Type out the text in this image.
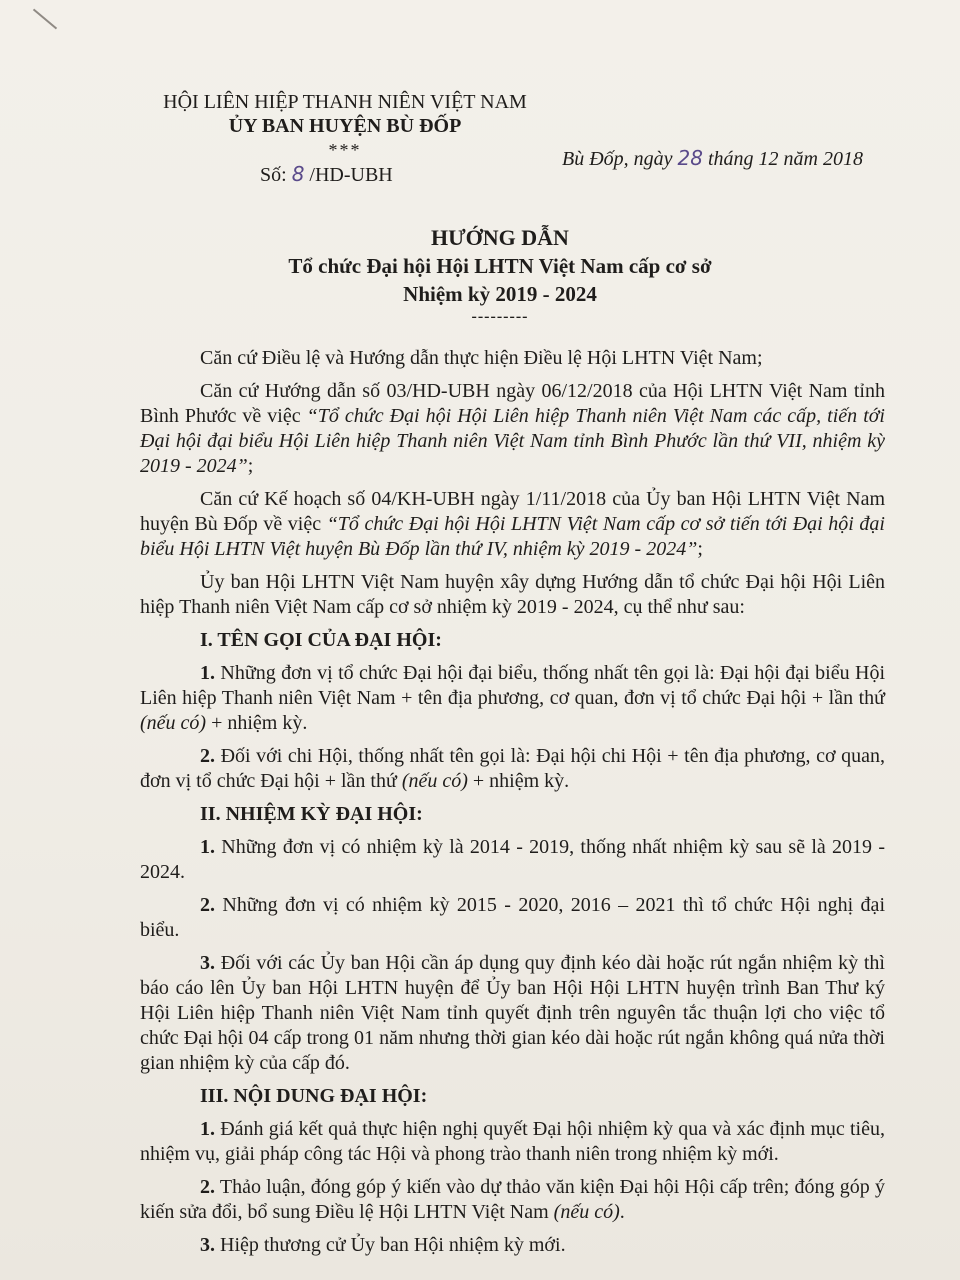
HỘI LIÊN HIỆP THANH NIÊN VIỆT NAM
ỦY BAN HUYỆN BÙ ĐỐP
***
Số: 8 /HD-UBH
Bù Đốp, ngày 28 tháng 12 năm 2018
HƯỚNG DẪN
Tổ chức Đại hội Hội LHTN Việt Nam cấp cơ sở
Nhiệm kỳ 2019 - 2024
---------

Căn cứ Điều lệ và Hướng dẫn thực hiện Điều lệ Hội LHTN Việt Nam;

Căn cứ Hướng dẫn số 03/HD-UBH ngày 06/12/2018 của Hội LHTN Việt Nam tỉnh Bình Phước về việc “Tổ chức Đại hội Hội Liên hiệp Thanh niên Việt Nam các cấp, tiến tới Đại hội đại biểu Hội Liên hiệp Thanh niên Việt Nam tỉnh Bình Phước lần thứ VII, nhiệm kỳ 2019 - 2024”;

Căn cứ Kế hoạch số 04/KH-UBH ngày 1/11/2018 của Ủy ban Hội LHTN Việt Nam huyện Bù Đốp về việc “Tổ chức Đại hội Hội LHTN Việt Nam cấp cơ sở tiến tới Đại hội đại biểu Hội LHTN Việt huyện Bù Đốp lần thứ IV, nhiệm kỳ 2019 - 2024”;

Ủy ban Hội LHTN Việt Nam huyện xây dựng Hướng dẫn tổ chức Đại hội Hội Liên hiệp Thanh niên Việt Nam cấp cơ sở nhiệm kỳ 2019 - 2024, cụ thể như sau:

I. TÊN GỌI CỦA ĐẠI HỘI:

1. Những đơn vị tổ chức Đại hội đại biểu, thống nhất tên gọi là: Đại hội đại biểu Hội Liên hiệp Thanh niên Việt Nam + tên địa phương, cơ quan, đơn vị tổ chức Đại hội + lần thứ (nếu có) + nhiệm kỳ.

2. Đối với chi Hội, thống nhất tên gọi là: Đại hội chi Hội + tên địa phương, cơ quan, đơn vị tổ chức Đại hội + lần thứ (nếu có) + nhiệm kỳ.

II. NHIỆM KỲ ĐẠI HỘI:

1. Những đơn vị có nhiệm kỳ là 2014 - 2019, thống nhất nhiệm kỳ sau sẽ là 2019 - 2024.

2. Những đơn vị có nhiệm kỳ 2015 - 2020, 2016 – 2021 thì tổ chức Hội nghị đại biểu.

3. Đối với các Ủy ban Hội cần áp dụng quy định kéo dài hoặc rút ngắn nhiệm kỳ thì báo cáo lên Ủy ban Hội LHTN huyện để Ủy ban Hội Hội LHTN huyện trình Ban Thư ký Hội Liên hiệp Thanh niên Việt Nam tỉnh quyết định trên nguyên tắc thuận lợi cho việc tổ chức Đại hội 04 cấp trong 01 năm nhưng thời gian kéo dài hoặc rút ngắn không quá nửa thời gian nhiệm kỳ của cấp đó.

III. NỘI DUNG ĐẠI HỘI:

1. Đánh giá kết quả thực hiện nghị quyết Đại hội nhiệm kỳ qua và xác định mục tiêu, nhiệm vụ, giải pháp công tác Hội và phong trào thanh niên trong nhiệm kỳ mới.

2. Thảo luận, đóng góp ý kiến vào dự thảo văn kiện Đại hội Hội cấp trên; đóng góp ý kiến sửa đổi, bổ sung Điều lệ Hội LHTN Việt Nam (nếu có).

3. Hiệp thương cử Ủy ban Hội nhiệm kỳ mới.
